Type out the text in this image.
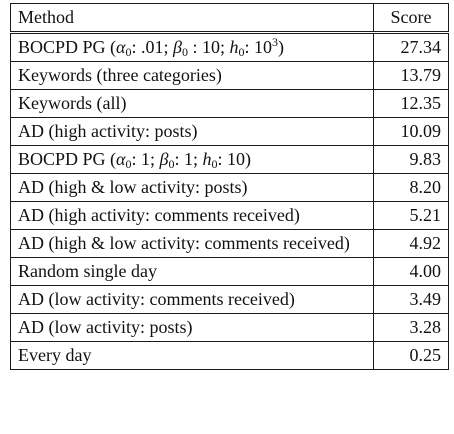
Method	Score
BOCPD PG ($\alpha_0$: .01; $\beta_0$ : 10; $h_0$: $10^3$)	27.34
Keywords (three categories)	13.79
Keywords (all)	12.35
AD (high activity: posts)	10.09
BOCPD PG ($\alpha_0$: 1; $\beta_0$: 1; $h_0$: 10)	9.83
AD (high & low activity: posts)	8.20
AD (high activity: comments received)	5.21
AD (high & low activity: comments received)	4.92
Random single day	4.00
AD (low activity: comments received)	3.49
AD (low activity: posts)	3.28
Every day	0.25
